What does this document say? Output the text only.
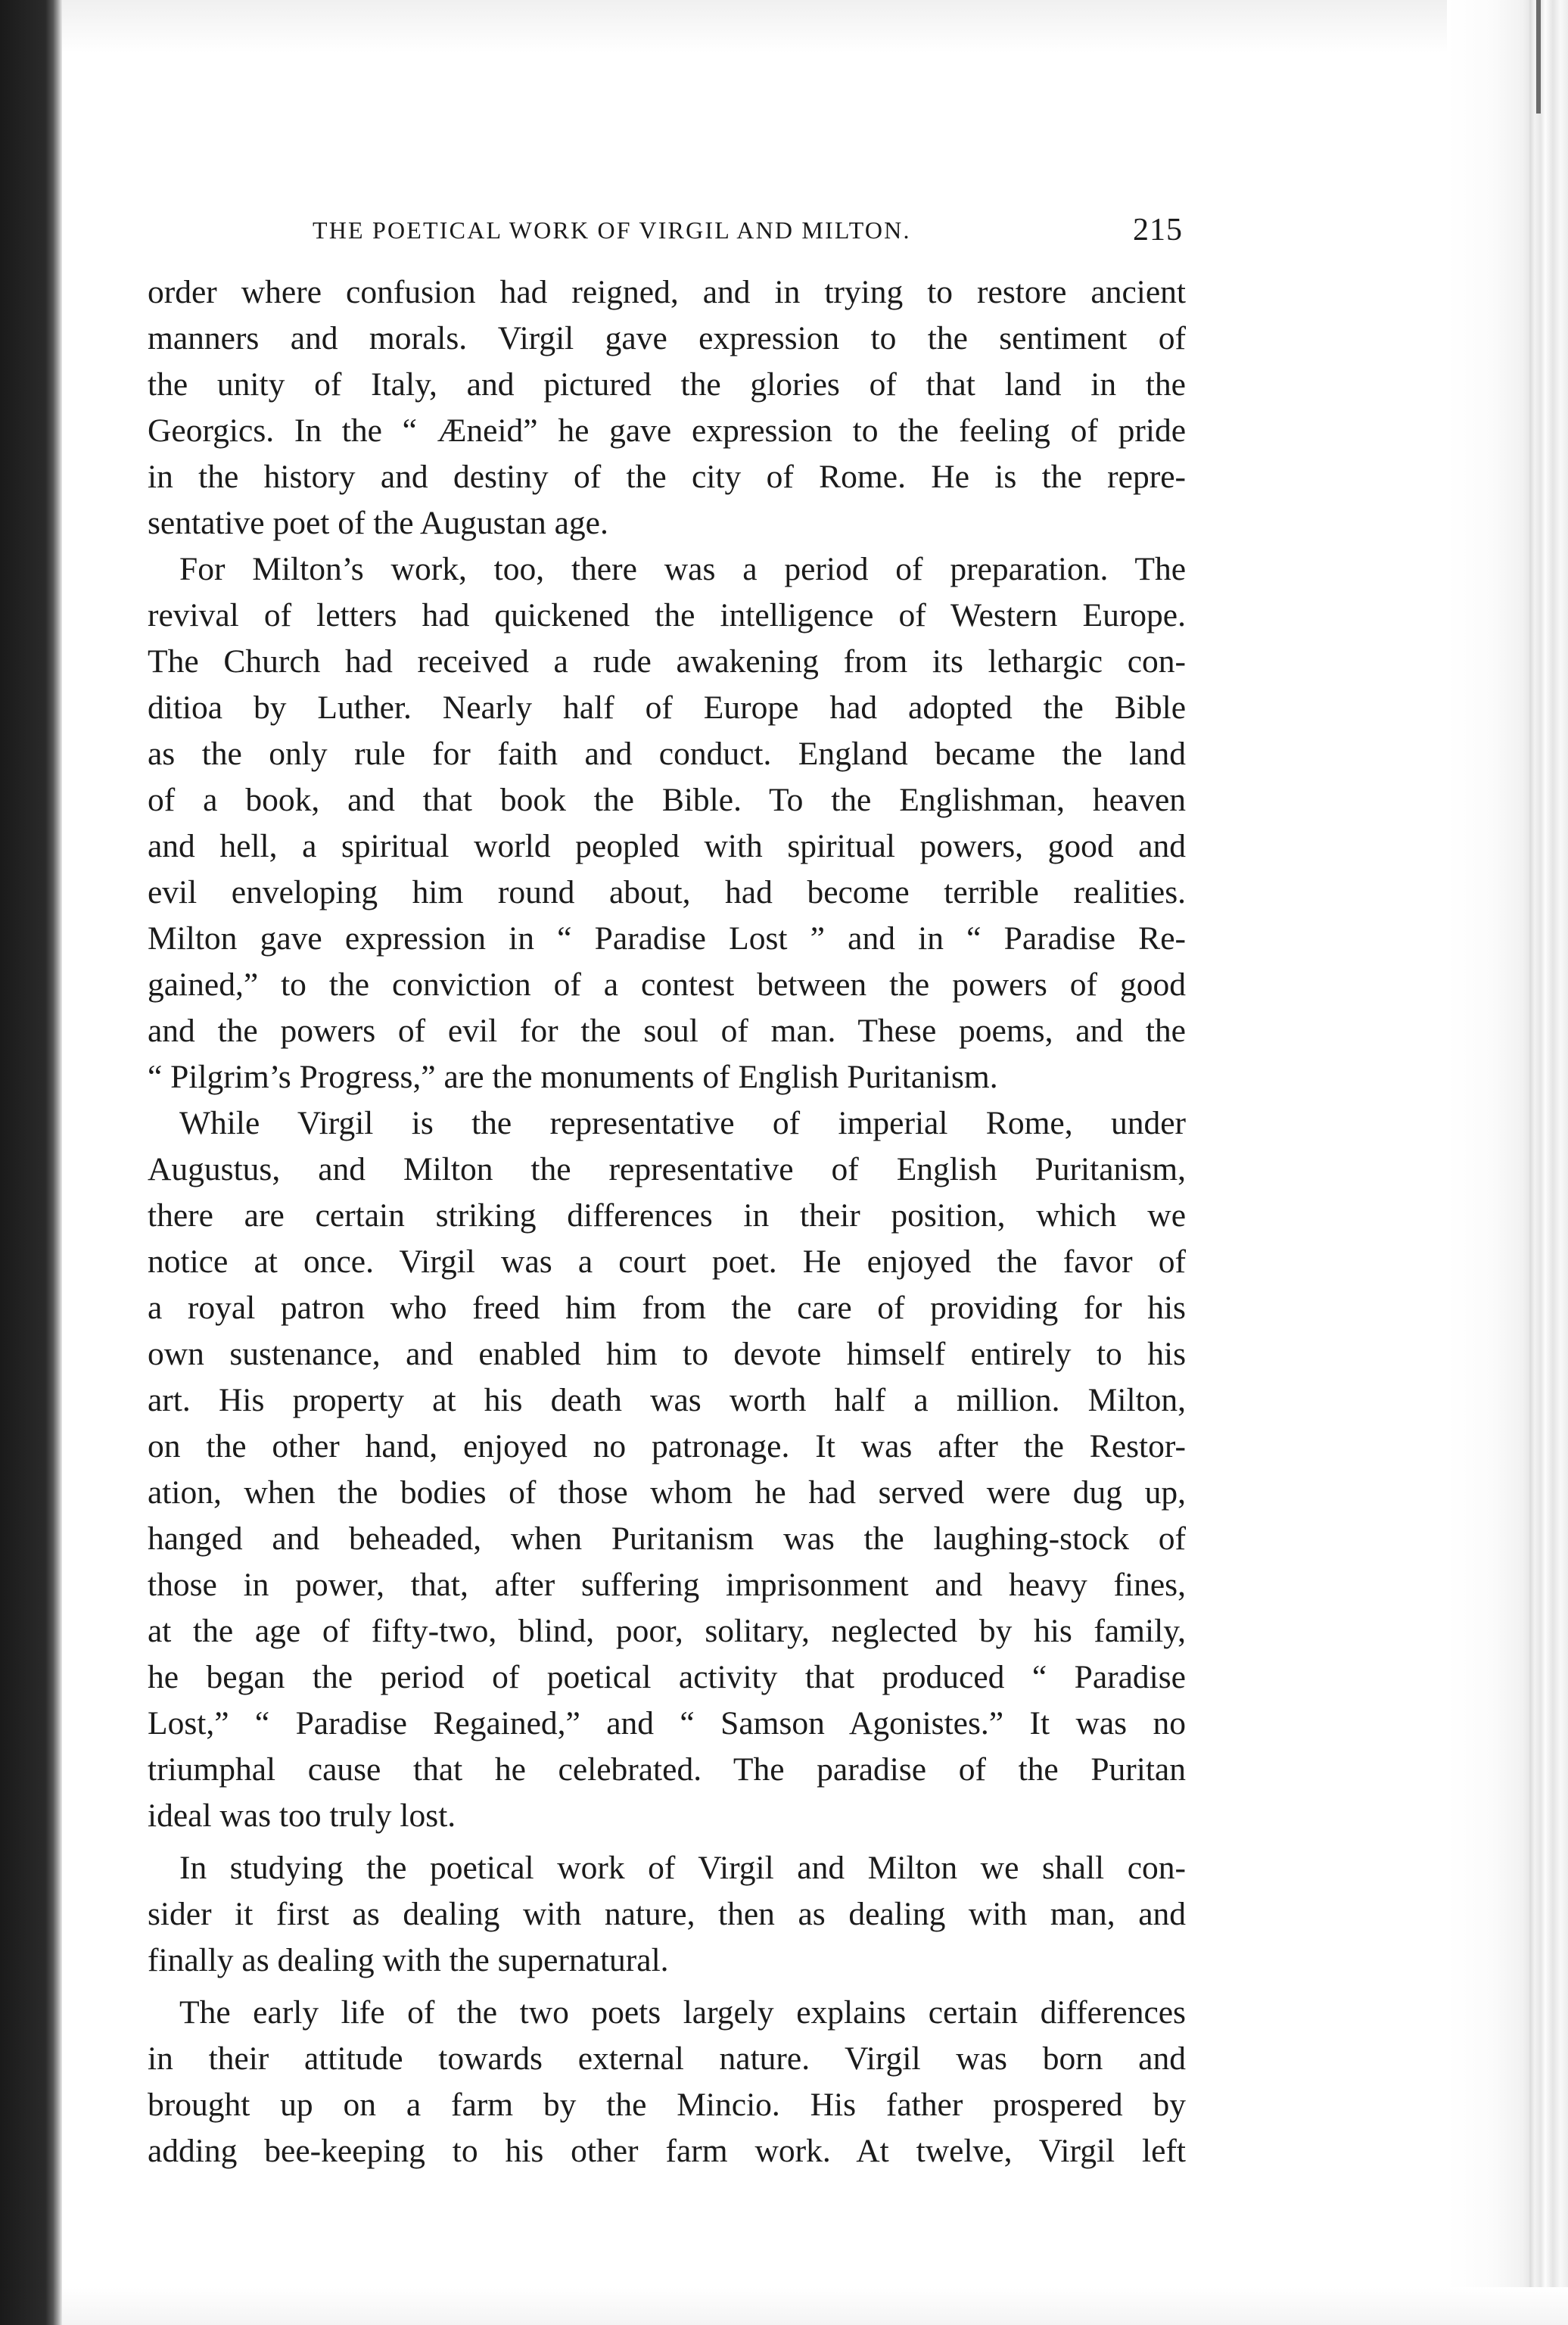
THE POETICAL WORK OF VIRGIL AND MILTON.	215
order where confusion had reigned, and in trying to restore ancient
manners and morals. Virgil gave expression to the sentiment of
the unity of Italy, and pictured the glories of that land in the
Georgics. In the “ Æneid” he gave expression to the feeling of pride
in the history and destiny of the city of Rome. He is the repre-
sentative poet of the Augustan age.
For Milton’s work, too, there was a period of preparation. The
revival of letters had quickened the intelligence of Western Europe.
The Church had received a rude awakening from its lethargic con-
ditioa by Luther. Nearly half of Europe had adopted the Bible
as the only rule for faith and conduct. England became the land
of a book, and that book the Bible. To the Englishman, heaven
and hell, a spiritual world peopled with spiritual powers, good and
evil enveloping him round about, had become terrible realities.
Milton gave expression in “ Paradise Lost ” and in “ Paradise Re-
gained,” to the conviction of a contest between the powers of good
and the powers of evil for the soul of man. These poems, and the
“ Pilgrim’s Progress,” are the monuments of English Puritanism.
While Virgil is the representative of imperial Rome, under
Augustus, and Milton the representative of English Puritanism,
there are certain striking differences in their position, which we
notice at once. Virgil was a court poet. He enjoyed the favor of
a royal patron who freed him from the care of providing for his
own sustenance, and enabled him to devote himself entirely to his
art. His property at his death was worth half a million. Milton,
on the other hand, enjoyed no patronage. It was after the Restor-
ation, when the bodies of those whom he had served were dug up,
hanged and beheaded, when Puritanism was the laughing-stock of
those in power, that, after suffering imprisonment and heavy fines,
at the age of fifty-two, blind, poor, solitary, neglected by his family,
he began the period of poetical activity that produced “ Paradise
Lost,” “ Paradise Regained,” and “ Samson Agonistes.” It was no
triumphal cause that he celebrated. The paradise of the Puritan
ideal was too truly lost.
In studying the poetical work of Virgil and Milton we shall con-
sider it first as dealing with nature, then as dealing with man, and
finally as dealing with the supernatural.
The early life of the two poets largely explains certain differences
in their attitude towards external nature. Virgil was born and
brought up on a farm by the Mincio. His father prospered by
adding bee-keeping to his other farm work. At twelve, Virgil left
